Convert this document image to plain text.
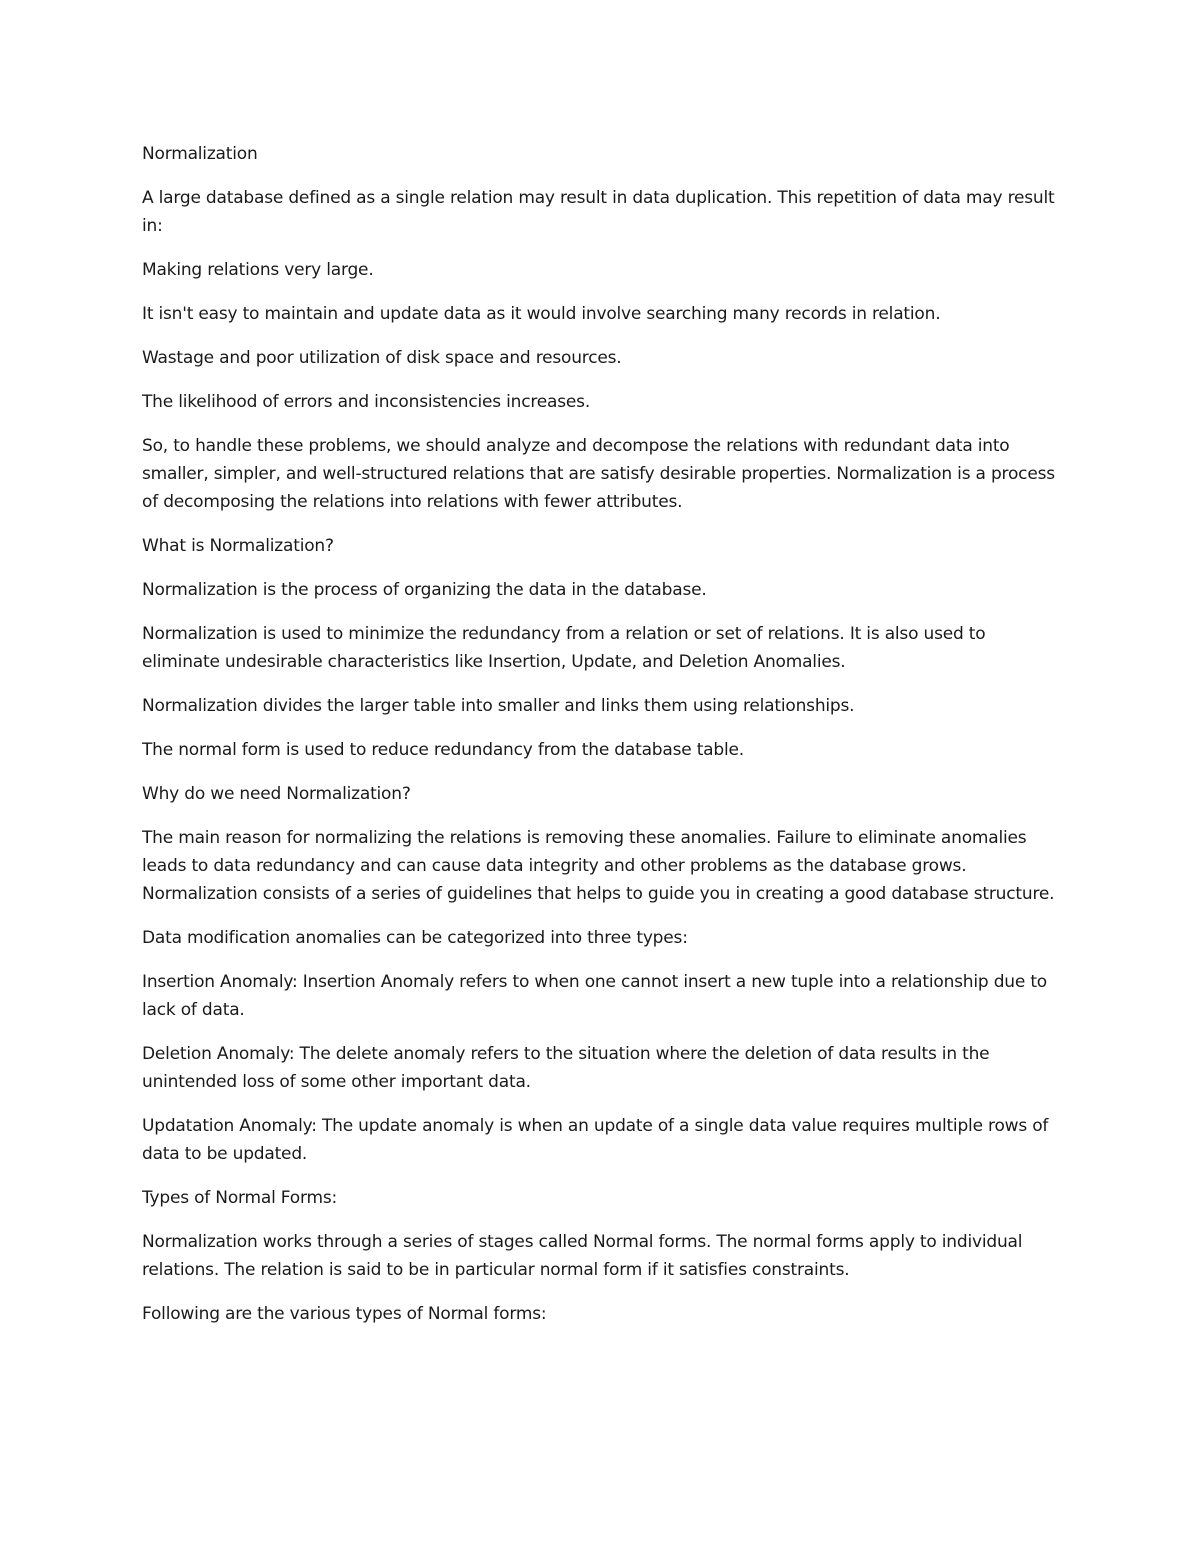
Normalization

A large database defined as a single relation may result in data duplication. This repetition of data may result in:

Making relations very large.

It isn't easy to maintain and update data as it would involve searching many records in relation.

Wastage and poor utilization of disk space and resources.

The likelihood of errors and inconsistencies increases.

So, to handle these problems, we should analyze and decompose the relations with redundant data into smaller, simpler, and well-structured relations that are satisfy desirable properties. Normalization is a process of decomposing the relations into relations with fewer attributes.

What is Normalization?

Normalization is the process of organizing the data in the database.

Normalization is used to minimize the redundancy from a relation or set of relations. It is also used to eliminate undesirable characteristics like Insertion, Update, and Deletion Anomalies.

Normalization divides the larger table into smaller and links them using relationships.

The normal form is used to reduce redundancy from the database table.

Why do we need Normalization?

The main reason for normalizing the relations is removing these anomalies. Failure to eliminate anomalies leads to data redundancy and can cause data integrity and other problems as the database grows. Normalization consists of a series of guidelines that helps to guide you in creating a good database structure.

Data modification anomalies can be categorized into three types:

Insertion Anomaly: Insertion Anomaly refers to when one cannot insert a new tuple into a relationship due to lack of data.

Deletion Anomaly: The delete anomaly refers to the situation where the deletion of data results in the unintended loss of some other important data.

Updatation Anomaly: The update anomaly is when an update of a single data value requires multiple rows of data to be updated.

Types of Normal Forms:

Normalization works through a series of stages called Normal forms. The normal forms apply to individual relations. The relation is said to be in particular normal form if it satisfies constraints.

Following are the various types of Normal forms:
